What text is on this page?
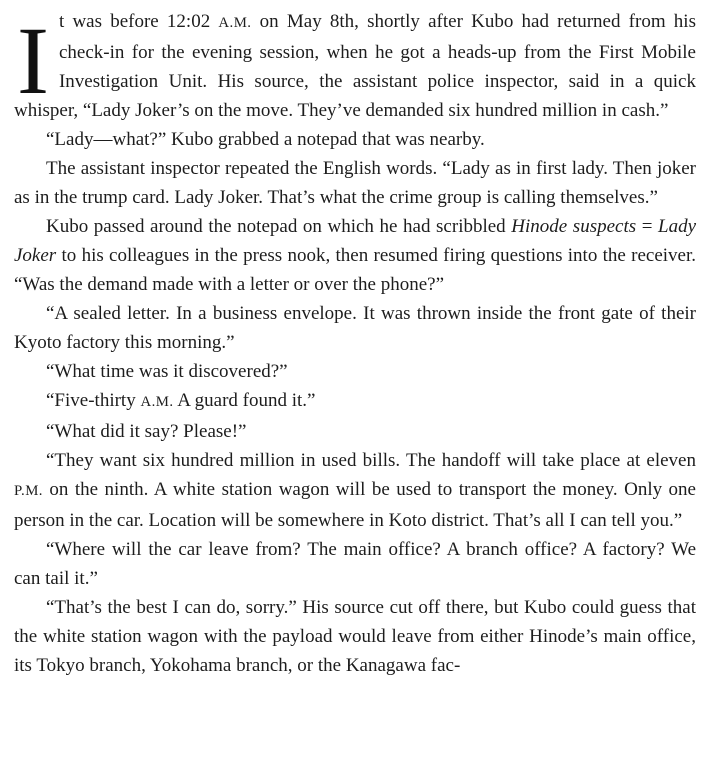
It was before 12:02 A.M. on May 8th, shortly after Kubo had returned from his check-in for the evening session, when he got a heads-up from the First Mobile Investigation Unit. His source, the assistant police inspector, said in a quick whisper, “Lady Joker’s on the move. They’ve demanded six hundred million in cash.”

“Lady—what?” Kubo grabbed a notepad that was nearby.

The assistant inspector repeated the English words. “Lady as in first lady. Then joker as in the trump card. Lady Joker. That’s what the crime group is calling themselves.”

Kubo passed around the notepad on which he had scribbled Hinode suspects = Lady Joker to his colleagues in the press nook, then resumed firing questions into the receiver. “Was the demand made with a letter or over the phone?”

“A sealed letter. In a business envelope. It was thrown inside the front gate of their Kyoto factory this morning.”

“What time was it discovered?”

“Five-thirty A.M. A guard found it.”

“What did it say? Please!”

“They want six hundred million in used bills. The handoff will take place at eleven P.M. on the ninth. A white station wagon will be used to transport the money. Only one person in the car. Location will be somewhere in Koto district. That’s all I can tell you.”

“Where will the car leave from? The main office? A branch office? A factory? We can tail it.”

“That’s the best I can do, sorry.” His source cut off there, but Kubo could guess that the white station wagon with the payload would leave from either Hinode’s main office, its Tokyo branch, Yokohama branch, or the Kanagawa fac-
